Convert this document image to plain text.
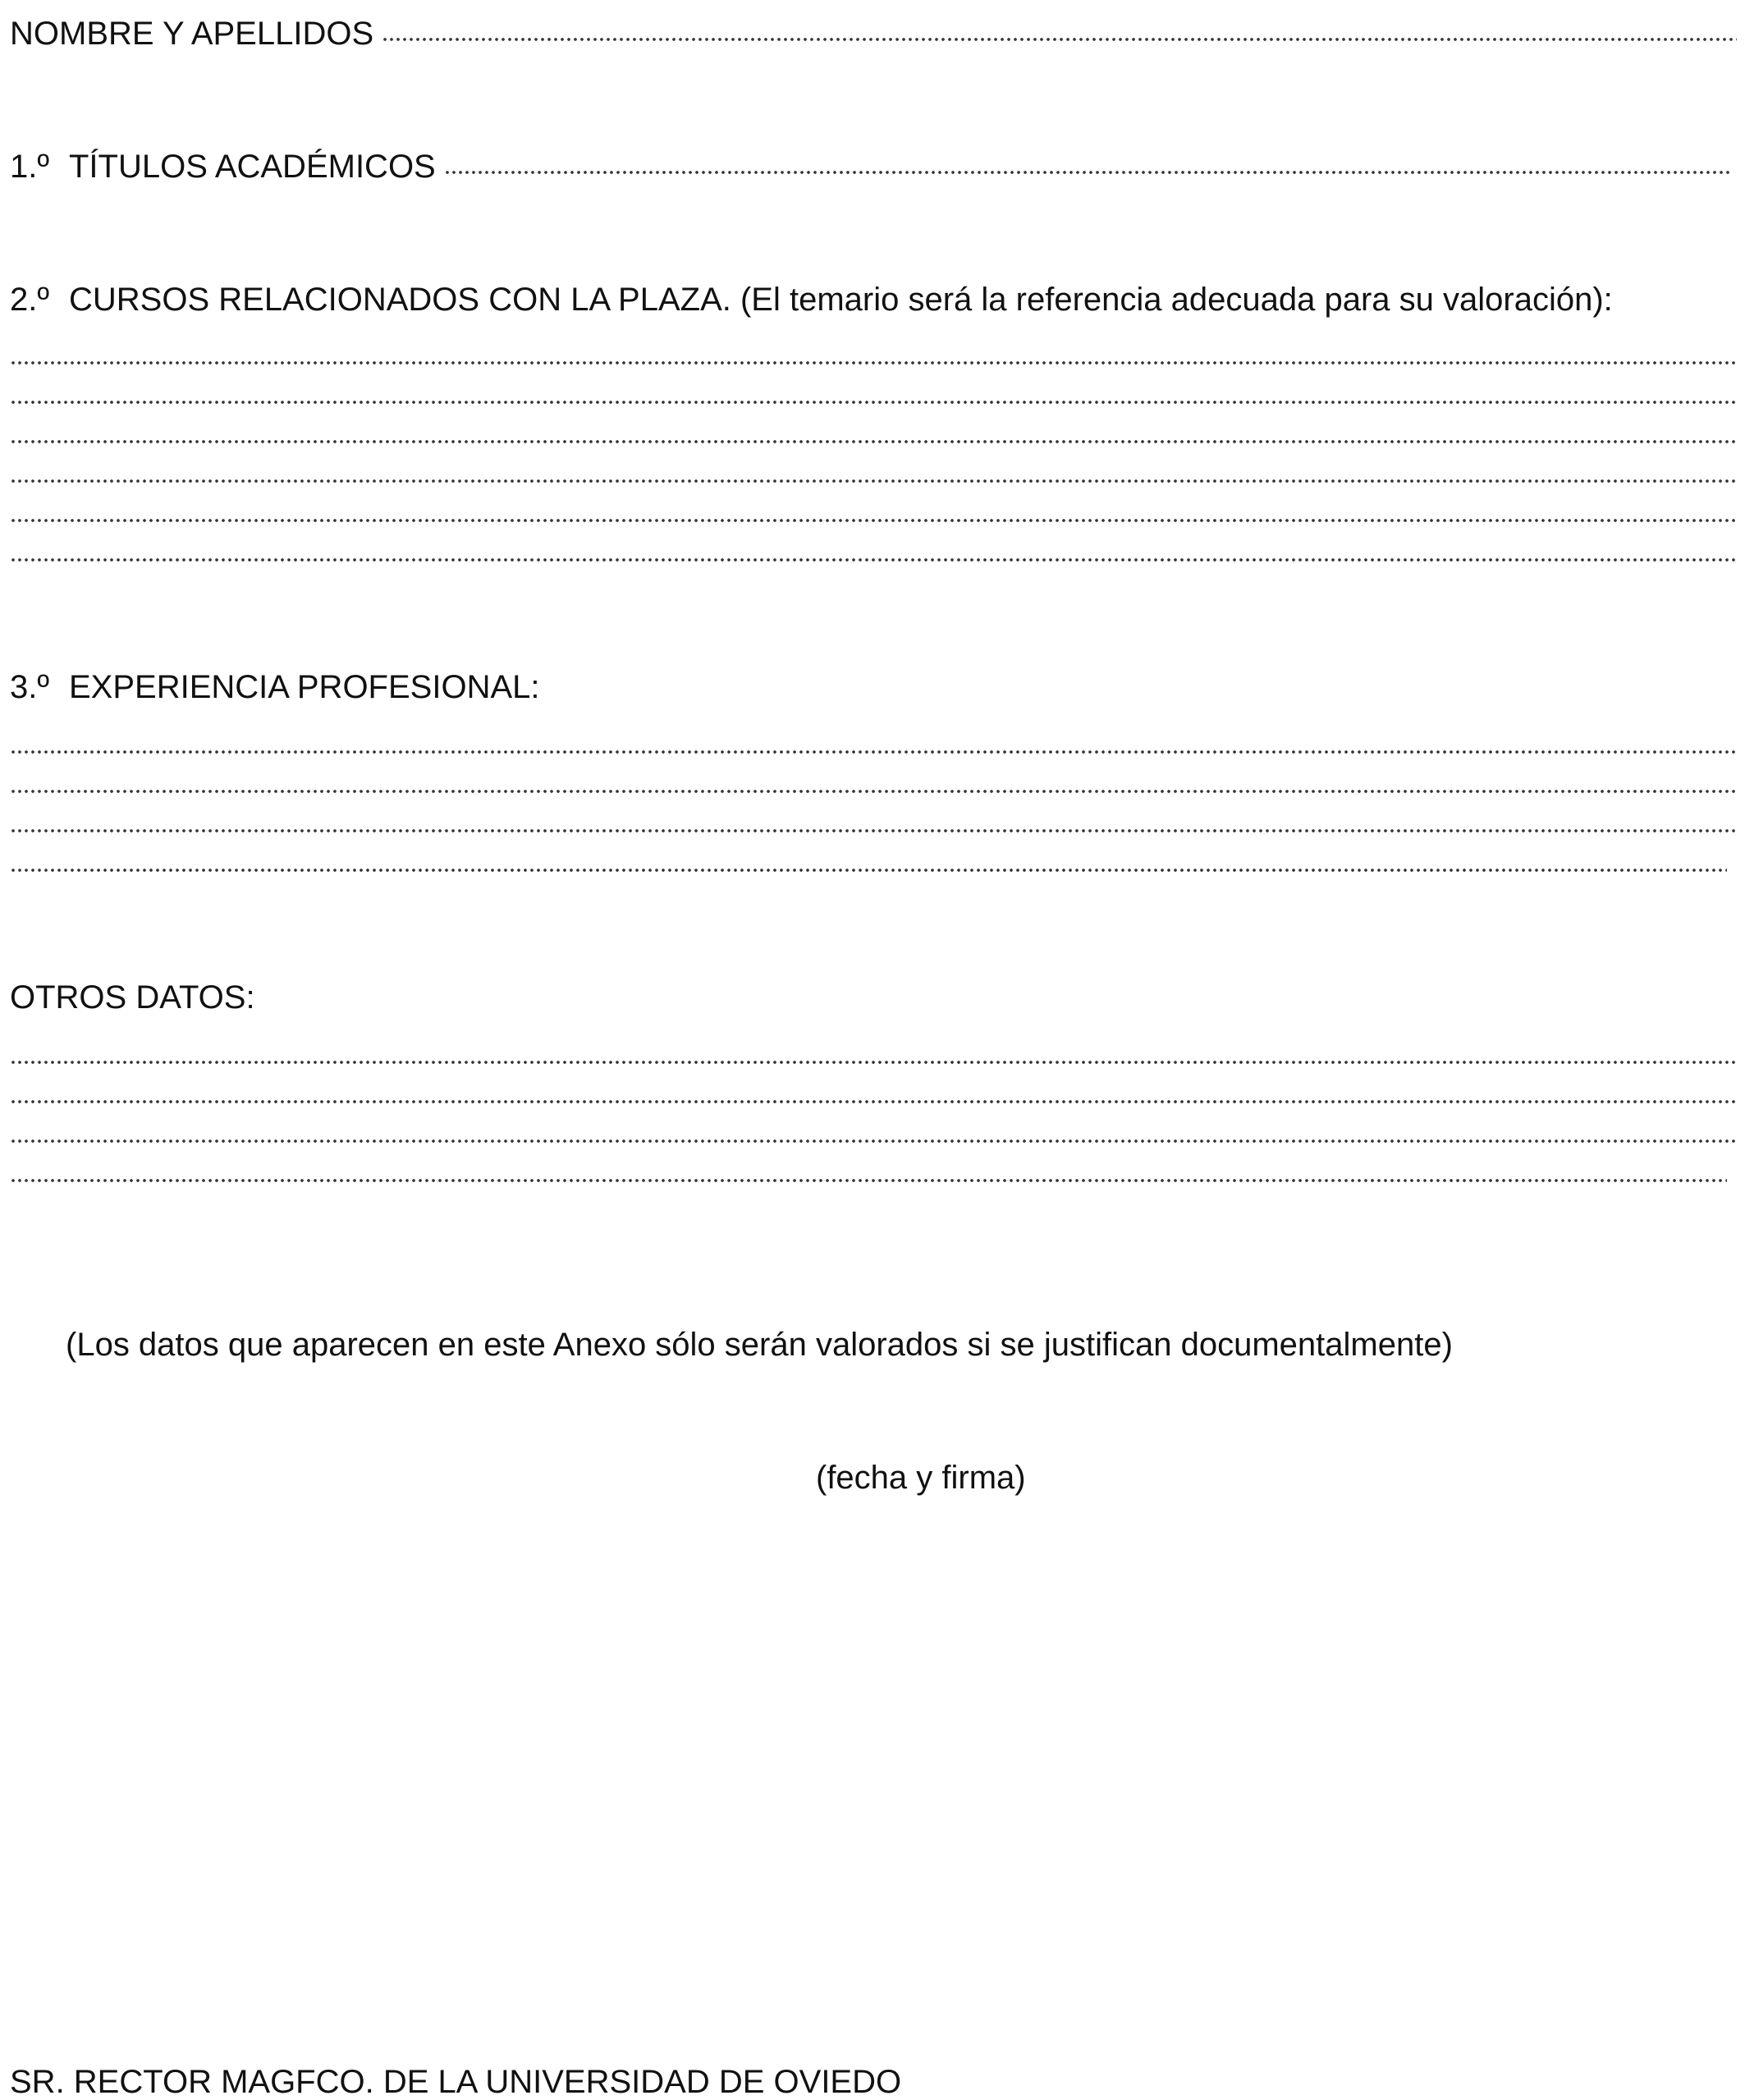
NOMBRE Y APELLIDOS
1.º TÍTULOS ACADÉMICOS
2.º CURSOS RELACIONADOS CON LA PLAZA. (El temario será la referencia adecuada para su valoración):
3.º EXPERIENCIA PROFESIONAL:
OTROS DATOS:
(Los datos que aparecen en este Anexo sólo serán valorados si se justifican documentalmente)
(fecha y firma)
SR. RECTOR MAGFCO. DE LA UNIVERSIDAD DE OVIEDO
